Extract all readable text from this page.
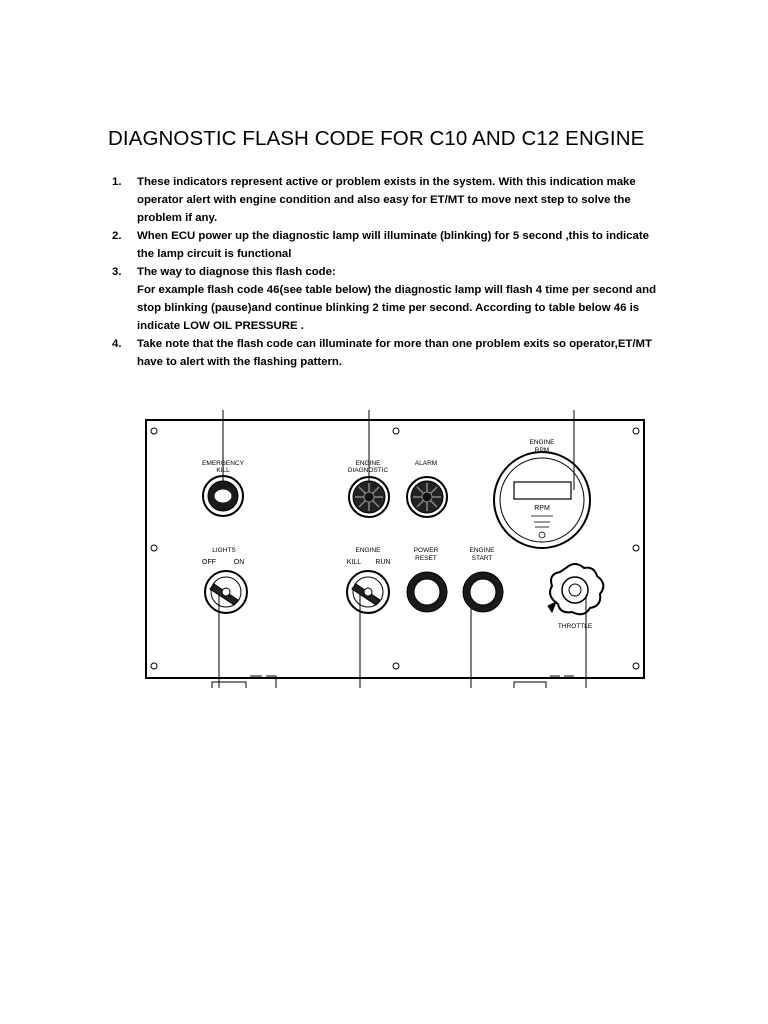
DIAGNOSTIC FLASH CODE FOR C10 AND C12 ENGINE
1. These indicators represent active or problem exists in the system. With this indication make
operator alert with engine condition and also easy for ET/MT to move next step to solve the
problem if any.
2. When ECU power up the diagnostic lamp will illuminate (blinking) for 5 second ,this to indicate
the lamp circuit is functional
3. The way to diagnose this flash code:
For example flash code 46(see table below) the diagnostic lamp will flash 4 time per second and
stop blinking (pause)and continue blinking 2 time per second. According to table below 46 is
indicate LOW OIL PRESSURE .
4. Take note that the flash code can illuminate for more than one problem exits so operator,ET/MT
have to alert with the flashing pattern.
EMERGENCY
KILL
ENGINE
DIAGNOSTIC
ALARM
ENGINE
RPM
RPM
LIGHTS
OFF	ON
ENGINE
KILL RUN
POWER
RESET
ENGINE
START
THROTTLE
